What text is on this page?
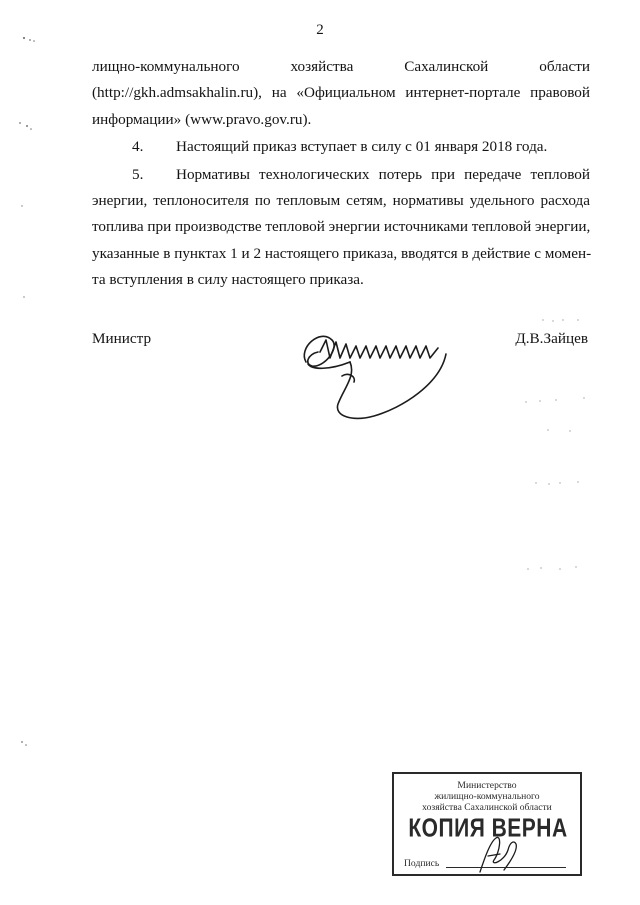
2
лищно-коммунального	хозяйства	Сахалинской	области
(http://gkh.admsakhalin.ru), на «Официальном интернет-портале правовой
информации» (www.pravo.gov.ru).
4. Настоящий приказ вступает в силу с 01 января 2018 года.
5. Нормативы технологических потерь при передаче тепловой
энергии, теплоносителя по тепловым сетям, нормативы удельного расхода
топлива при производстве тепловой энергии источниками тепловой энергии,
указанные в пунктах 1 и 2 настоящего приказа, вводятся в действие с момен-
та вступления в силу настоящего приказа.
Министр	Д.В.Зайцев
Министерство
жилищно-коммунального
хозяйства Сахалинской области
КОПИЯ ВЕРНА
Подпись
